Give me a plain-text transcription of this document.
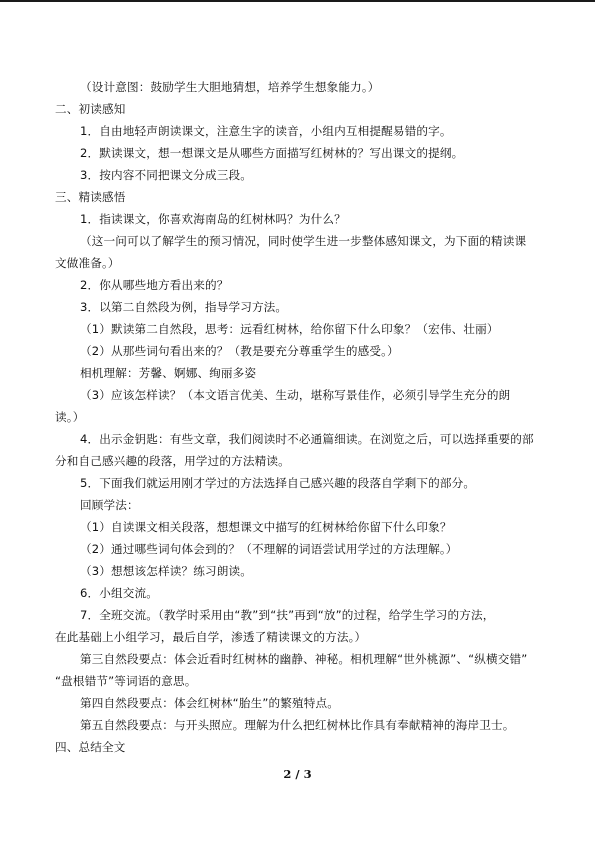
（设计意图：鼓励学生大胆地猜想，培养学生想象能力。）
二、初读感知
1．自由地轻声朗读课文，注意生字的读音，小组内互相提醒易错的字。
2．默读课文，想一想课文是从哪些方面描写红树林的？写出课文的提纲。
3．按内容不同把课文分成三段。
三、精读感悟
1．指读课文，你喜欢海南岛的红树林吗？为什么？
（这一问可以了解学生的预习情况，同时使学生进一步整体感知课文，为下面的精读课
文做准备。）
2．你从哪些地方看出来的？
3．以第二自然段为例，指导学习方法。
（1）默读第二自然段，思考：远看红树林，给你留下什么印象？（宏伟、壮丽）
（2）从那些词句看出来的？（教是要充分尊重学生的感受。）
相机理解：芳馨、婀娜、绚丽多姿
（3）应该怎样读？（本文语言优美、生动，堪称写景佳作，必须引导学生充分的朗
读。）
4．出示金钥匙：有些文章，我们阅读时不必通篇细读。在浏览之后，可以选择重要的部
分和自己感兴趣的段落，用学过的方法精读。
5．下面我们就运用刚才学过的方法选择自己感兴趣的段落自学剩下的部分。
回顾学法：
（1）自读课文相关段落，想想课文中描写的红树林给你留下什么印象？
（2）通过哪些词句体会到的？（不理解的词语尝试用学过的方法理解。）
（3）想想该怎样读？练习朗读。
6．小组交流。
7．全班交流。（教学时采用由“教”到“扶”再到“放”的过程，给学生学习的方法，
在此基础上小组学习，最后自学，渗透了精读课文的方法。）
第三自然段要点：体会近看时红树林的幽静、神秘。相机理解“世外桃源”、“纵横交错”
“盘根错节”等词语的意思。
第四自然段要点：体会红树林“胎生”的繁殖特点。
第五自然段要点：与开头照应。理解为什么把红树林比作具有奉献精神的海岸卫士。
四、总结全文
2 / 3
